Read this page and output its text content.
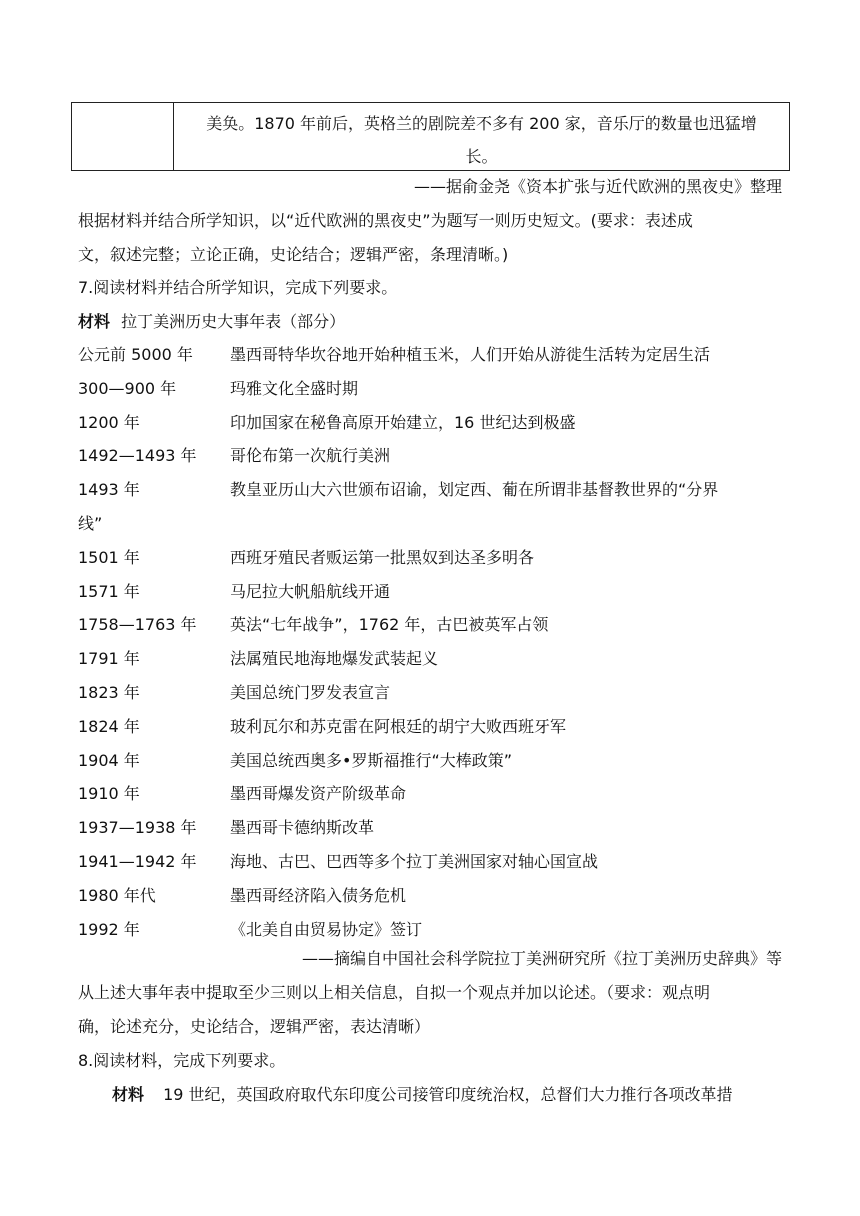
美奂。1870 年前后，英格兰的剧院差不多有 200 家，音乐厅的数量也迅猛增
长。
——据俞金尧《资本扩张与近代欧洲的黑夜史》整理
根据材料并结合所学知识，以“近代欧洲的黑夜史”为题写一则历史短文。(要求：表述成
文，叙述完整；立论正确，史论结合；逻辑严密，条理清晰。)
7.阅读材料并结合所学知识，完成下列要求。
材料 拉丁美洲历史大事年表（部分）
公元前 5000 年 墨西哥特华坎谷地开始种植玉米，人们开始从游徙生活转为定居生活
300—900 年	玛雅文化全盛时期
1200 年	印加国家在秘鲁高原开始建立，16 世纪达到极盛
1492—1493 年 哥伦布第一次航行美洲
1493 年	教皇亚历山大六世颁布诏谕，划定西、葡在所谓非基督教世界的“分界
线”
1501 年	西班牙殖民者贩运第一批黑奴到达圣多明各
1571 年	马尼拉大帆船航线开通
1758—1763 年 英法“七年战争”，1762 年，古巴被英军占领
1791 年	法属殖民地海地爆发武装起义
1823 年	美国总统门罗发表宣言
1824 年	玻利瓦尔和苏克雷在阿根廷的胡宁大败西班牙军
1904 年	美国总统西奥多•罗斯福推行“大棒政策”
1910 年	墨西哥爆发资产阶级革命
1937—1938 年 墨西哥卡德纳斯改革
1941—1942 年 海地、古巴、巴西等多个拉丁美洲国家对轴心国宣战
1980 年代	墨西哥经济陷入债务危机
1992 年	《北美自由贸易协定》签订
——摘编自中国社会科学院拉丁美洲研究所《拉丁美洲历史辞典》等
从上述大事年表中提取至少三则以上相关信息，自拟一个观点并加以论述。（要求：观点明
确，论述充分，史论结合，逻辑严密，表达清晰）
8.阅读材料，完成下列要求。
材料 19 世纪，英国政府取代东印度公司接管印度统治权，总督们大力推行各项改革措
